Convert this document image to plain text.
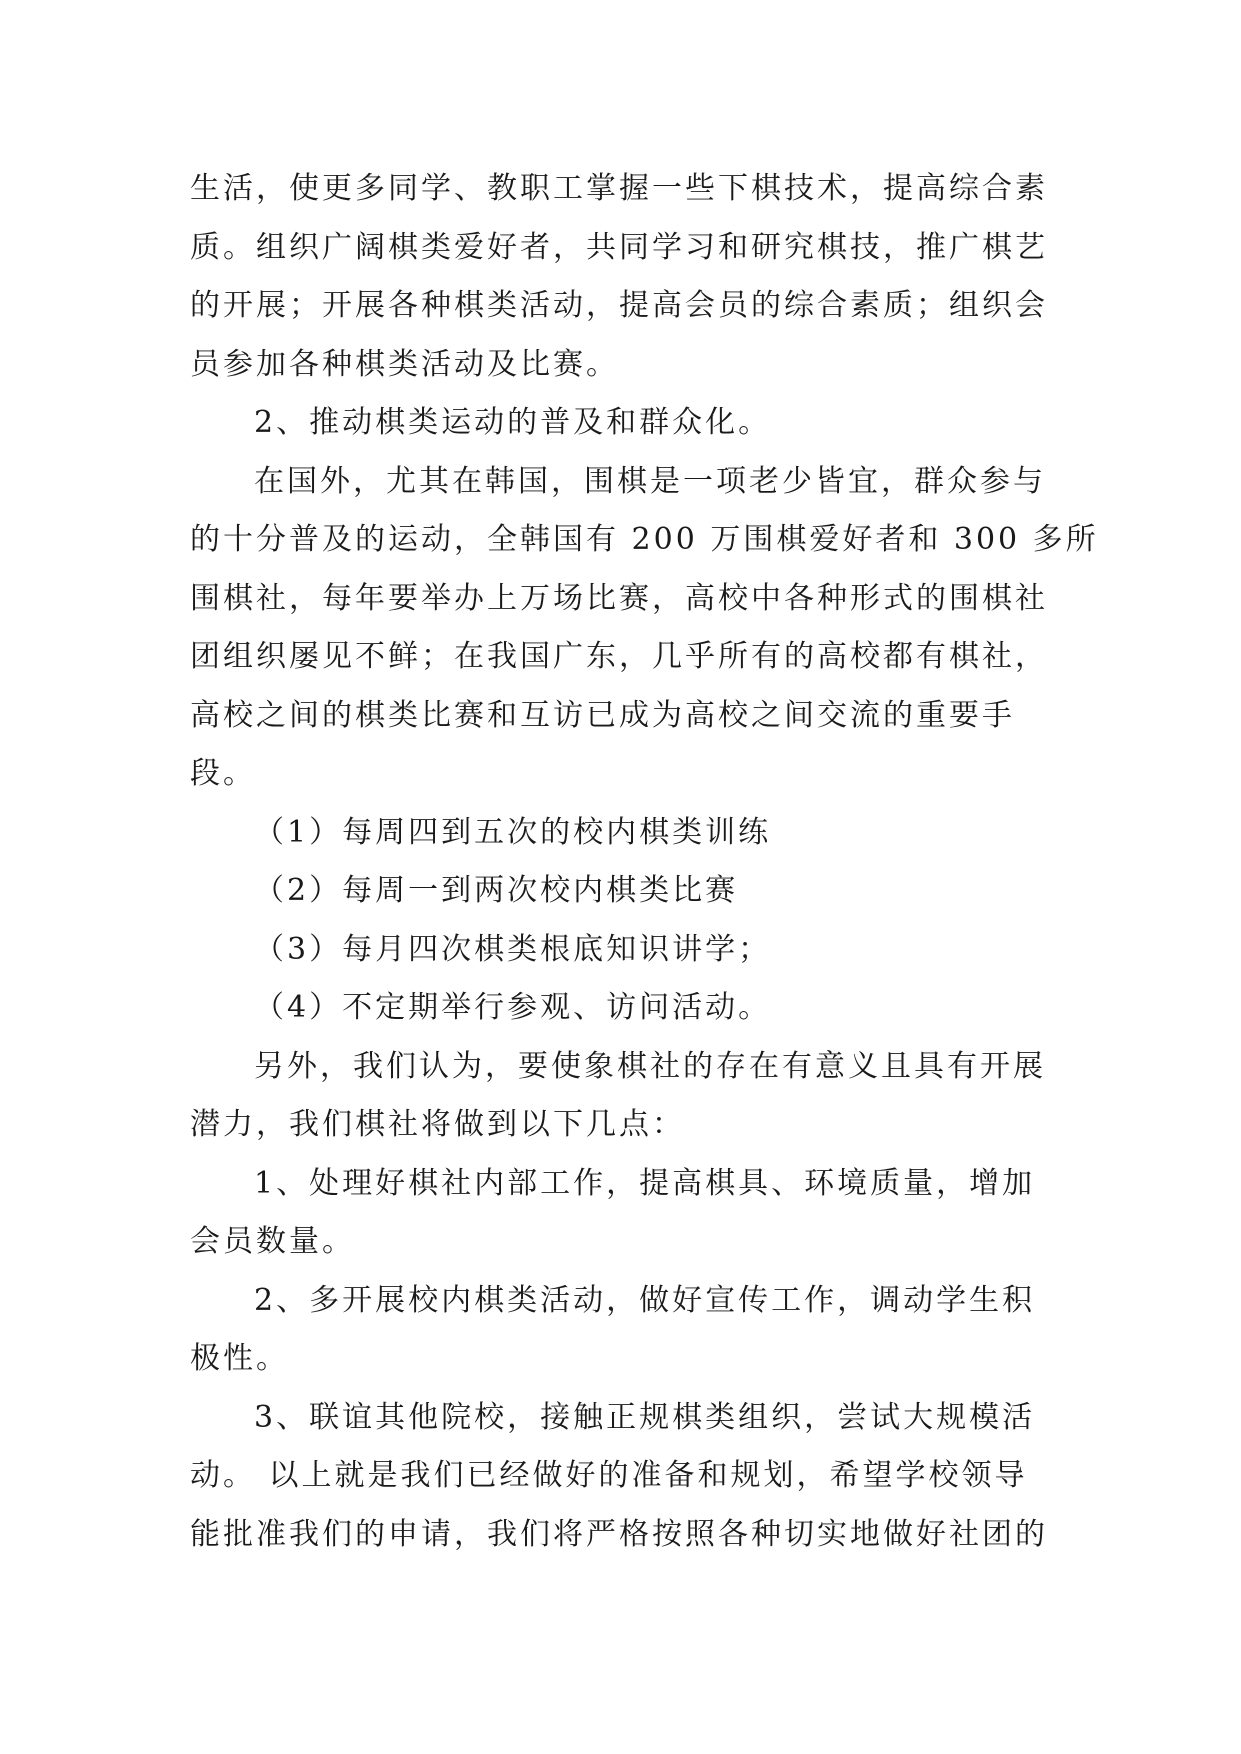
生活，使更多同学、教职工掌握一些下棋技术，提高综合素
质。组织广阔棋类爱好者，共同学习和研究棋技，推广棋艺
的开展；开展各种棋类活动，提高会员的综合素质；组织会
员参加各种棋类活动及比赛。
2、推动棋类运动的普及和群众化。
在国外，尤其在韩国，围棋是一项老少皆宜，群众参与
的十分普及的运动，全韩国有 200 万围棋爱好者和 300 多所
围棋社，每年要举办上万场比赛，高校中各种形式的围棋社
团组织屡见不鲜；在我国广东，几乎所有的高校都有棋社，
高校之间的棋类比赛和互访已成为高校之间交流的重要手
段。
（1）每周四到五次的校内棋类训练
（2）每周一到两次校内棋类比赛
（3）每月四次棋类根底知识讲学；
（4）不定期举行参观、访问活动。
另外，我们认为，要使象棋社的存在有意义且具有开展
潜力，我们棋社将做到以下几点：
1、处理好棋社内部工作，提高棋具、环境质量，增加
会员数量。
2、多开展校内棋类活动，做好宣传工作，调动学生积
极性。
3、联谊其他院校，接触正规棋类组织，尝试大规模活
动。 以上就是我们已经做好的准备和规划，希望学校领导
能批准我们的申请，我们将严格按照各种切实地做好社团的
